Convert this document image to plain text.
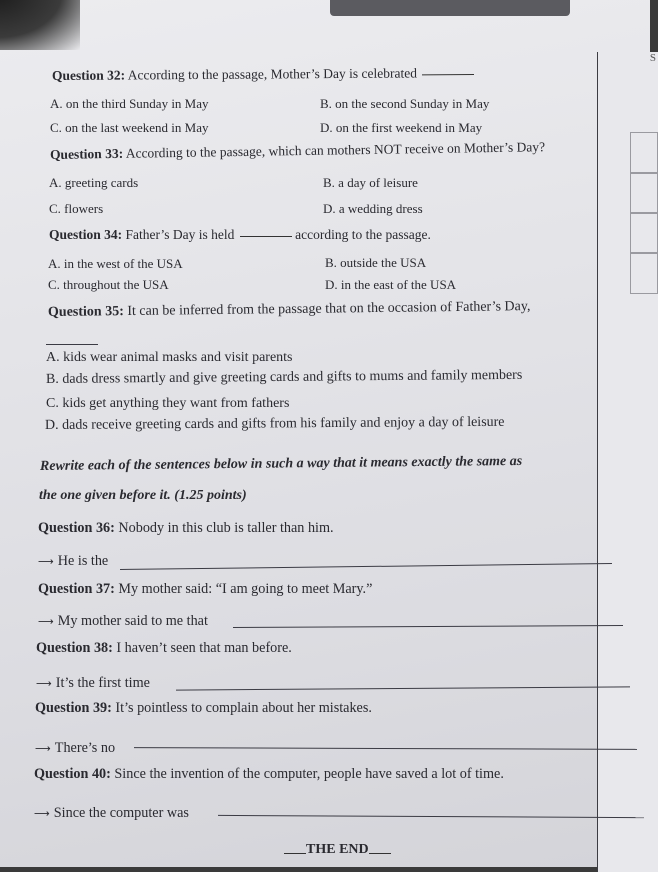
S
Question 32: According to the passage, Mother’s Day is celebrated
A. on the third Sunday in May	B. on the second Sunday in May
C. on the last weekend in May	D. on the first weekend in May
Question 33: According to the passage, which can mothers NOT receive on Mother’s Day?
A. greeting cards	B. a day of leisure
C. flowers	D. a wedding dress
Question 34: Father’s Day is held	according to the passage.
A. in the west of the USA	B. outside the USA
C. throughout the USA	D. in the east of the USA
Question 35: It can be inferred from the passage that on the occasion of Father’s Day,
A. kids wear animal masks and visit parents
B. dads dress smartly and give greeting cards and gifts to mums and family members
C. kids get anything they want from fathers
D. dads receive greeting cards and gifts from his family and enjoy a day of leisure
Rewrite each of the sentences below in such a way that it means exactly the same as
the one given before it. (1.25 points)
Question 36: Nobody in this club is taller than him.
⟶ He is the
Question 37: My mother said: “I am going to meet Mary.”
⟶ My mother said to me that
Question 38: I haven’t seen that man before.
⟶ It’s the first time
Question 39: It’s pointless to complain about her mistakes.
⟶ There’s no
Question 40: Since the invention of the computer, people have saved a lot of time.
⟶ Since the computer was
THE END
